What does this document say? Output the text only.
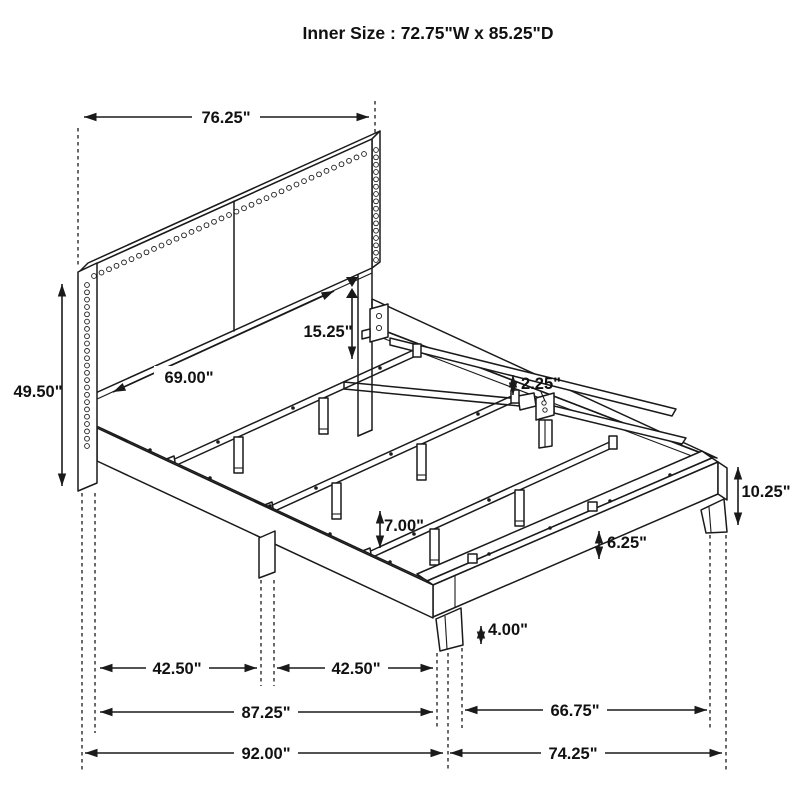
Inner Size : 72.75"W x 85.25"D
76.25"
49.50"
69.00"
15.25"
2.25"
7.00"
6.25"
10.25"
4.00"
42.50"	42.50"
87.25"	66.75"
92.00"	74.25"
